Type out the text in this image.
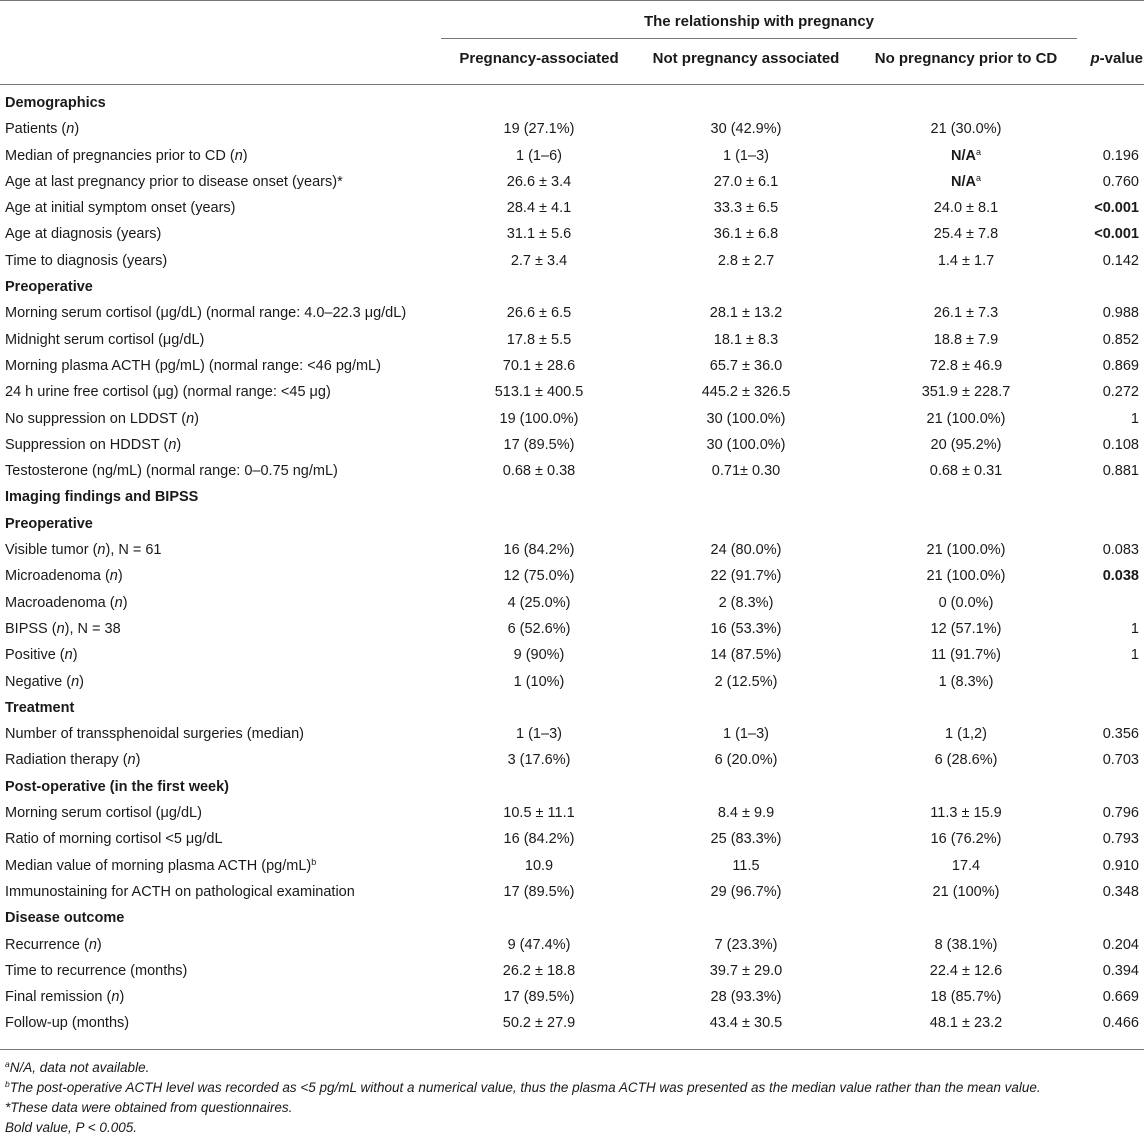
The relationship with pregnancy
Pregnancy-associated	Not pregnancy associated	No pregnancy prior to CD	p-value
Demographics
Patients (n)	19 (27.1%)	30 (42.9%)	21 (30.0%)
Median of pregnancies prior to CD (n)	1 (1–6)	1 (1–3)	$N/A^a$	0.196
Age at last pregnancy prior to disease onset (years)*	26.6 ± 3.4	27.0 ± 6.1	$N/A^a$	0.760
Age at initial symptom onset (years)	28.4 ± 4.1	33.3 ± 6.5	24.0 ± 8.1	<0.001
Age at diagnosis (years)	31.1 ± 5.6	36.1 ± 6.8	25.4 ± 7.8	<0.001
Time to diagnosis (years)	2.7 ± 3.4	2.8 ± 2.7	1.4 ± 1.7	0.142
Preoperative
Morning serum cortisol (μg/dL) (normal range: 4.0–22.3 μg/dL)	26.6 ± 6.5	28.1 ± 13.2	26.1 ± 7.3	0.988
Midnight serum cortisol (μg/dL)	17.8 ± 5.5	18.1 ± 8.3	18.8 ± 7.9	0.852
Morning plasma ACTH (pg/mL) (normal range: <46 pg/mL)	70.1 ± 28.6	65.7 ± 36.0	72.8 ± 46.9	0.869
24 h urine free cortisol (μg) (normal range: <45 μg)	513.1 ± 400.5	445.2 ± 326.5	351.9 ± 228.7	0.272
No suppression on LDDST (n)	19 (100.0%)	30 (100.0%)	21 (100.0%)	1
Suppression on HDDST (n)	17 (89.5%)	30 (100.0%)	20 (95.2%)	0.108
Testosterone (ng/mL) (normal range: 0–0.75 ng/mL)	0.68 ± 0.38	0.71± 0.30	0.68 ± 0.31	0.881
Imaging findings and BIPSS
Preoperative
Visible tumor (n), N = 61	16 (84.2%)	24 (80.0%)	21 (100.0%)	0.083
Microadenoma (n)	12 (75.0%)	22 (91.7%)	21 (100.0%)	0.038
Macroadenoma (n)	4 (25.0%)	2 (8.3%)	0 (0.0%)
BIPSS (n), N = 38	6 (52.6%)	16 (53.3%)	12 (57.1%)	1
Positive (n)	9 (90%)	14 (87.5%)	11 (91.7%)	1
Negative (n)	1 (10%)	2 (12.5%)	1 (8.3%)
Treatment
Number of transsphenoidal surgeries (median)	1 (1–3)	1 (1–3)	1 (1,2)	0.356
Radiation therapy (n)	3 (17.6%)	6 (20.0%)	6 (28.6%)	0.703
Post-operative (in the first week)
Morning serum cortisol (μg/dL)	10.5 ± 11.1	8.4 ± 9.9	11.3 ± 15.9	0.796
Ratio of morning cortisol <5 μg/dL	16 (84.2%)	25 (83.3%)	16 (76.2%)	0.793
Median value of morning plasma ACTH $(pg/mL)^b$	10.9	11.5	17.4	0.910
Immunostaining for ACTH on pathological examination	17 (89.5%)	29 (96.7%)	21 (100%)	0.348
Disease outcome
Recurrence (n)	9 (47.4%)	7 (23.3%)	8 (38.1%)	0.204
Time to recurrence (months)	26.2 ± 18.8	39.7 ± 29.0	22.4 ± 12.6	0.394
Final remission (n)	17 (89.5%)	28 (93.3%)	18 (85.7%)	0.669
Follow-up (months)	50.2 ± 27.9	43.4 ± 30.5	48.1 ± 23.2	0.466
$^a$N/A, data not available.
$^b$The post-operative ACTH level was recorded as <5 pg/mL without a numerical value, thus the plasma ACTH was presented as the median value rather than the mean value.
*These data were obtained from questionnaires.
Bold value, P < 0.005.
